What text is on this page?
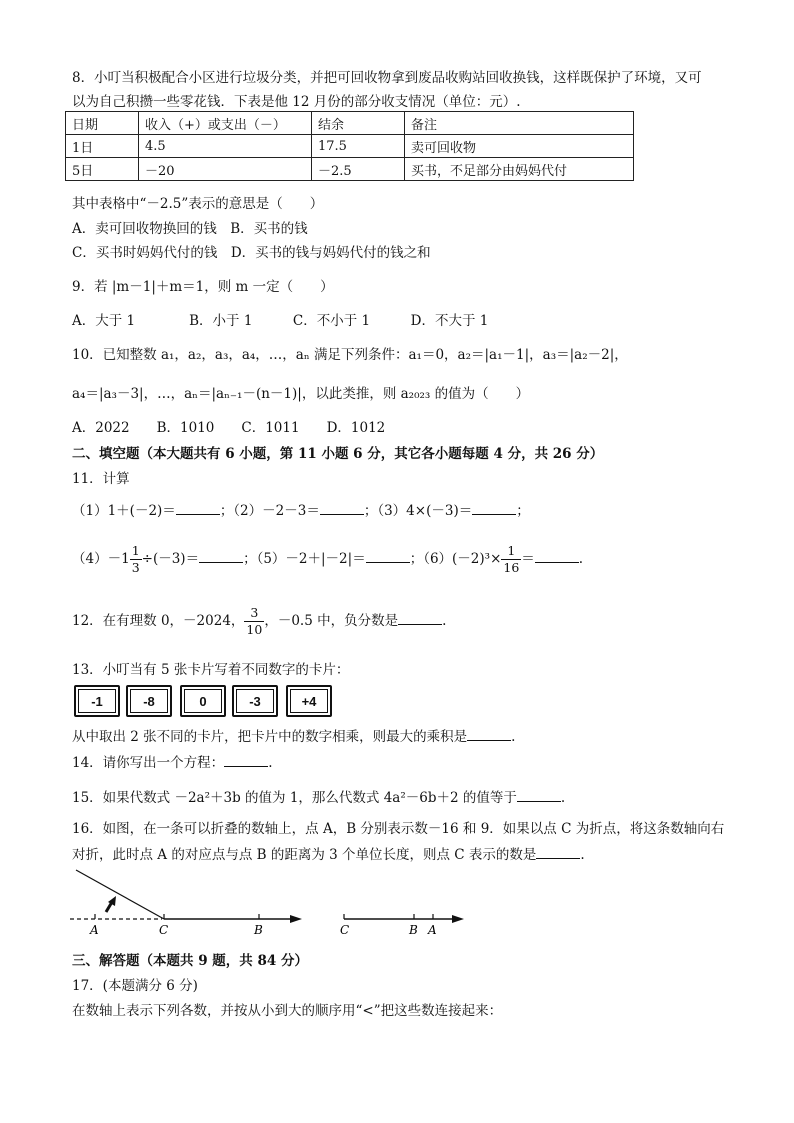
8．小叮当积极配合小区进行垃圾分类，并把可回收物拿到废品收购站回收换钱，这样既保护了环境，又可
以为自己积攒一些零花钱．下表是他 12 月份的部分收支情况（单位：元）.
日期	收入（+）或支出（－）	结余	备注
1日	4.5	17.5	卖可回收物
5日	－20	－2.5	买书，不足部分由妈妈代付
其中表格中“－2.5”表示的意思是（　　）
A．卖可回收物换回的钱　B．买书的钱
C．买书时妈妈代付的钱　D．买书的钱与妈妈代付的钱之和
9．若 |m－1|＋m＝1，则 m 一定（　　）
A．大于 1　　　　B．小于 1　　　C．不小于 1　　　D．不大于 1
10．已知整数 a₁，a₂，a₃，a₄，…，aₙ 满足下列条件：a₁＝0，a₂＝|a₁－1|，a₃＝|a₂－2|，
a₄＝|a₃－3|，…，aₙ＝|aₙ₋₁－(n－1)|，以此类推，则 a₂₀₂₃ 的值为（　　）
A．2022　　B．1010　　C．1011　　D．1012
二、填空题（本大题共有 6 小题，第 11 小题 6 分，其它各小题每题 4 分，共 26 分）
11．计算
（1）1＋(－2)＝	；（2）－2－3＝	；（3）4×(－3)＝	；
$(4)-1 \frac{1}{3} \div(-3)=$	；（5）－2＋|－2|＝	；$(6)(-2)^3\times \frac{1}{16}$ ＝	.
12．在有理数 0，－2024， $\frac{3}{10}$ ，－0.5 中，负分数是	.
13．小叮当有 5 张卡片写着不同数字的卡片：
-1	-8	0	-3	+4
从中取出 2 张不同的卡片，把卡片中的数字相乘，则最大的乘积是	.
14．请你写出一个方程：	.
15．如果代数式 －2a²＋3b 的值为 1，那么代数式 4a²－6b＋2 的值等于	.
16．如图，在一条可以折叠的数轴上，点 A，B 分别表示数－16 和 9．如果以点 C 为折点，将这条数轴向右
对折，此时点 A 的对应点与点 B 的距离为 3 个单位长度，则点 C 表示的数是	.
A	C	B	C	B A
三、解答题（本题共 9 题，共 84 分）
17．(本题满分 6 分)
在数轴上表示下列各数，并按从小到大的顺序用“<”把这些数连接起来：
